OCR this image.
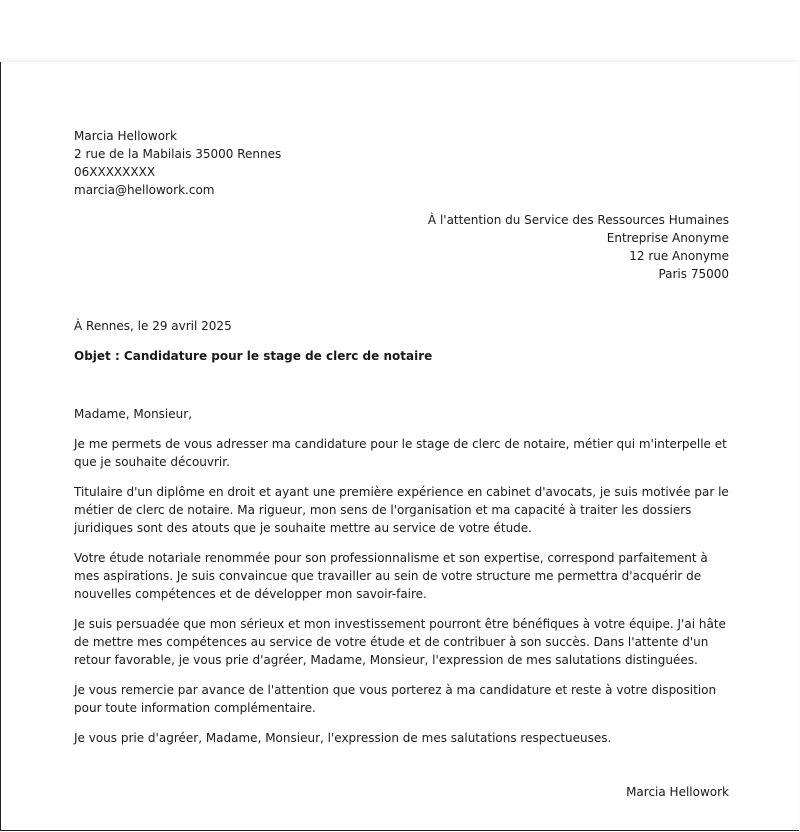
Marcia Hellowork
2 rue de la Mabilais 35000 Rennes
06XXXXXXXX
marcia@hellowork.com
À l'attention du Service des Ressources Humaines
Entreprise Anonyme
12 rue Anonyme
Paris 75000
À Rennes, le 29 avril 2025
Objet : Candidature pour le stage de clerc de notaire
Madame, Monsieur,
Je me permets de vous adresser ma candidature pour le stage de clerc de notaire, métier qui m'interpelle et que je souhaite découvrir.
Titulaire d'un diplôme en droit et ayant une première expérience en cabinet d'avocats, je suis motivée par le métier de clerc de notaire. Ma rigueur, mon sens de l'organisation et ma capacité à traiter les dossiers juridiques sont des atouts que je souhaite mettre au service de votre étude.
Votre étude notariale renommée pour son professionnalisme et son expertise, correspond parfaitement à mes aspirations. Je suis convaincue que travailler au sein de votre structure me permettra d'acquérir de nouvelles compétences et de développer mon savoir-faire.
Je suis persuadée que mon sérieux et mon investissement pourront être bénéfiques à votre équipe. J'ai hâte de mettre mes compétences au service de votre étude et de contribuer à son succès. Dans l'attente d'un retour favorable, je vous prie d'agréer, Madame, Monsieur, l'expression de mes salutations distinguées.
Je vous remercie par avance de l'attention que vous porterez à ma candidature et reste à votre disposition pour toute information complémentaire.
Je vous prie d'agréer, Madame, Monsieur, l'expression de mes salutations respectueuses.
Marcia Hellowork
